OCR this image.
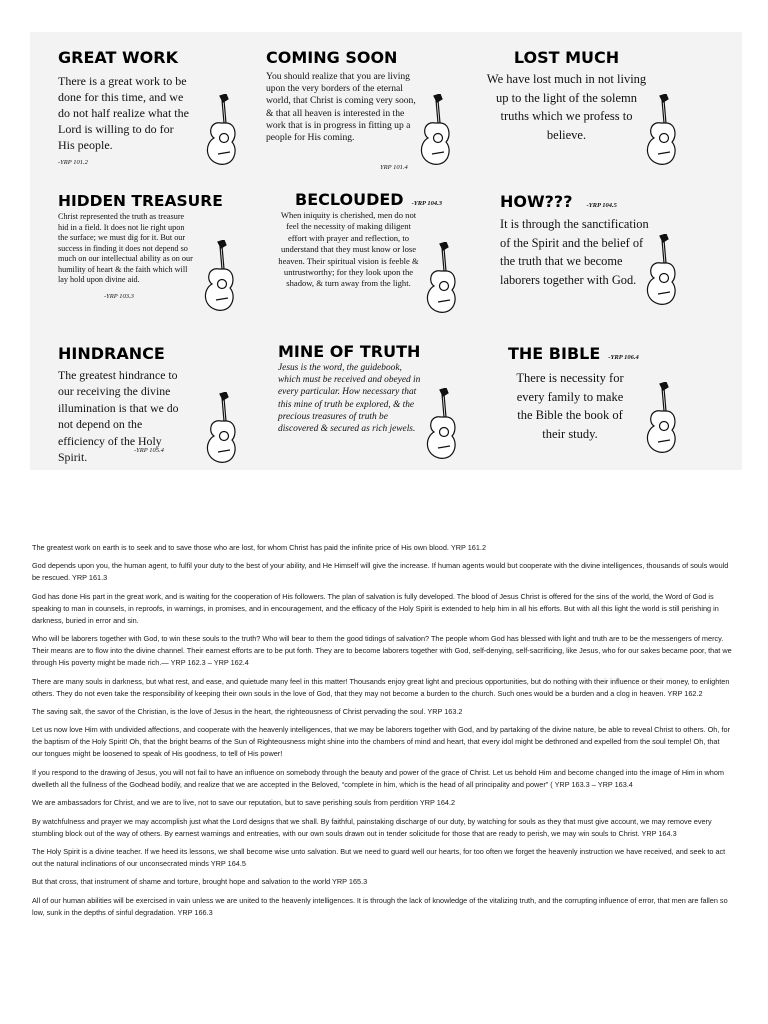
GREAT WORK
There is a great work to be done for this time, and we do not half realize what the Lord is willing to do for His people.
-YRP 101.2
COMING SOON
You should realize that you are living upon the very borders of the eternal world, that Christ is coming very soon, & that all heaven is interested in the work that is in progress in fitting up a people for His coming.
YRP 101.4
LOST MUCH
We have lost much in not living up to the light of the solemn truths which we profess to believe.
HIDDEN TREASURE
Christ represented the truth as treasure hid in a field. It does not lie right upon the surface; we must dig for it. But our success in finding it does not depend so much on our intellectual ability as on our humility of heart & the faith which will lay hold upon divine aid.
-YRP 103.3
BECLOUDED -YRP 104.3
When iniquity is cherished, men do not feel the necessity of making diligent effort with prayer and reflection, to understand that they must know or lose heaven. Their spiritual vision is feeble & untrustworthy; for they look upon the shadow, & turn away from the light.
HOW??? -YRP 104.5
It is through the sanctification of the Spirit and the belief of the truth that we become laborers together with God.
HINDRANCE
The greatest hindrance to our receiving the divine illumination is that we do not depend on the efficiency of the Holy Spirit.	-YRP 105.4
MINE OF TRUTH
Jesus is the word, the guidebook, which must be received and obeyed in every particular. How necessary that this mine of truth be explored, & the precious treasures of truth be discovered & secured as rich jewels.
THE BIBLE -YRP 106.4
There is necessity for every family to make the Bible the book of their study.

The greatest work on earth is to seek and to save those who are lost, for whom Christ has paid the infinite price of His own blood. YRP 161.2

God depends upon you, the human agent, to fulfil your duty to the best of your ability, and He Himself will give the increase. If human agents would but cooperate with the divine intelligences, thousands of souls would be rescued. YRP 161.3

God has done His part in the great work, and is waiting for the cooperation of His followers. The plan of salvation is fully developed. The blood of Jesus Christ is offered for the sins of the world, the Word of God is speaking to man in counsels, in reproofs, in warnings, in promises, and in encouragement, and the efficacy of the Holy Spirit is extended to help him in all his efforts. But with all this light the world is still perishing in darkness, buried in error and sin.

Who will be laborers together with God, to win these souls to the truth? Who will bear to them the good tidings of salvation? The people whom God has blessed with light and truth are to be the messengers of mercy. Their means are to flow into the divine channel. Their earnest efforts are to be put forth. They are to become laborers together with God, self-denying, self-sacrificing, like Jesus, who for our sakes became poor, that we through His poverty might be made rich.— YRP 162.3 – YRP 162.4

There are many souls in darkness, but what rest, and ease, and quietude many feel in this matter! Thousands enjoy great light and precious opportunities, but do nothing with their influence or their money, to enlighten others. They do not even take the responsibility of keeping their own souls in the love of God, that they may not become a burden to the church. Such ones would be a burden and a clog in heaven. YRP 162.2

The saving salt, the savor of the Christian, is the love of Jesus in the heart, the righteousness of Christ pervading the soul. YRP 163.2

Let us now love Him with undivided affections, and cooperate with the heavenly intelligences, that we may be laborers together with God, and by partaking of the divine nature, be able to reveal Christ to others. Oh, for the baptism of the Holy Spirit! Oh, that the bright beams of the Sun of Righteousness might shine into the chambers of mind and heart, that every idol might be dethroned and expelled from the soul temple! Oh, that our tongues might be loosened to speak of His goodness, to tell of His power!

If you respond to the drawing of Jesus, you will not fail to have an influence on somebody through the beauty and power of the grace of Christ. Let us behold Him and become changed into the image of Him in whom dwelleth all the fullness of the Godhead bodily, and realize that we are accepted in the Beloved, “complete in him, which is the head of all principality and power” ( YRP 163.3 – YRP 163.4

We are ambassadors for Christ, and we are to live, not to save our reputation, but to save perishing souls from perdition YRP 164.2

By watchfulness and prayer we may accomplish just what the Lord designs that we shall. By faithful, painstaking discharge of our duty, by watching for souls as they that must give account, we may remove every stumbling block out of the way of others. By earnest warnings and entreaties, with our own souls drawn out in tender solicitude for those that are ready to perish, we may win souls to Christ. YRP 164.3

The Holy Spirit is a divine teacher. If we heed its lessons, we shall become wise unto salvation. But we need to guard well our hearts, for too often we forget the heavenly instruction we have received, and seek to act out the natural inclinations of our unconsecrated minds YRP 164.5

But that cross, that instrument of shame and torture, brought hope and salvation to the world YRP 165.3

All of our human abilities will be exercised in vain unless we are united to the heavenly intelligences. It is through the lack of knowledge of the vitalizing truth, and the corrupting influence of error, that men are fallen so low, sunk in the depths of sinful degradation. YRP 166.3
